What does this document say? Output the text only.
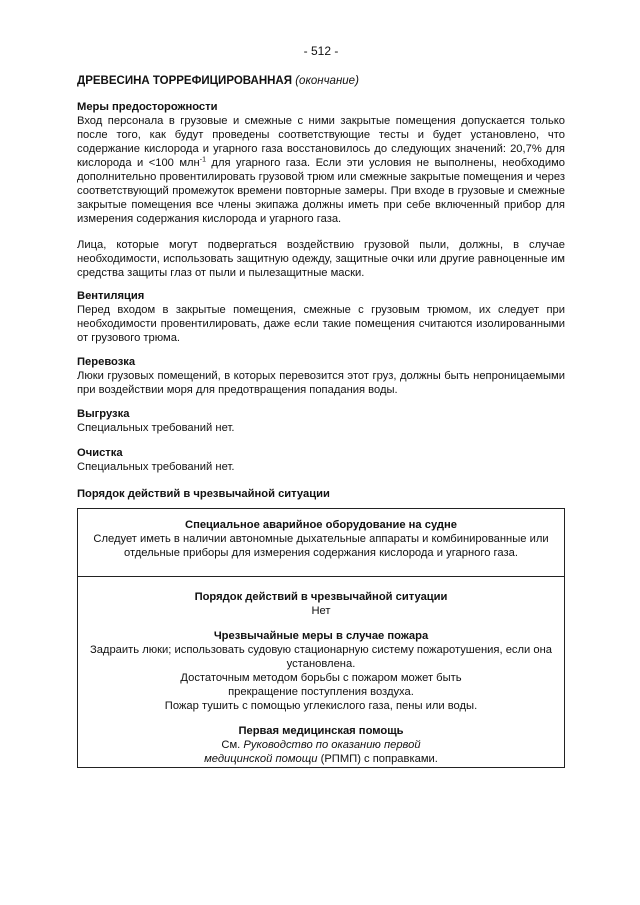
- 512 -
ДРЕВЕСИНА ТОРРЕФИЦИРОВАННАЯ (окончание)

Меры предосторожности

Вход персонала в грузовые и смежные с ними закрытые помещения допускается только после того, как будут проведены соответствующие тесты и будет установлено, что содержание кислорода и угарного газа восстановилось до следующих значений: 20,7% для кислорода и <100 млн$^{-1}$ для угарного газа. Если эти условия не выполнены, необходимо дополнительно провентилировать грузовой трюм или смежные закрытые помещения и через соответствующий промежуток времени повторные замеры. При входе в грузовые и смежные закрытые помещения все члены экипажа должны иметь при себе включенный прибор для измерения содержания кислорода и угарного газа.

Лица, которые могут подвергаться воздействию грузовой пыли, должны, в случае необходимости, использовать защитную одежду, защитные очки или другие равноценные им средства защиты глаз от пыли и пылезащитные маски.

Вентиляция

Перед входом в закрытые помещения, смежные с грузовым трюмом, их следует при необходимости провентилировать, даже если такие помещения считаются изолированными от грузового трюма.

Перевозка

Люки грузовых помещений, в которых перевозится этот груз, должны быть непроницаемыми при воздействии моря для предотвращения попадания воды.

Выгрузка

Специальных требований нет.

Очистка

Специальных требований нет.

Порядок действий в чрезвычайной ситуации

Специальное аварийное оборудование на судне

Следует иметь в наличии автономные дыхательные аппараты и комбинированные или отдельные приборы для измерения содержания кислорода и угарного газа.

Порядок действий в чрезвычайной ситуации

Нет

Чрезвычайные меры в случае пожара

Задраить люки; использовать судовую стационарную систему пожаротушения, если она установлена.

Достаточным методом борьбы с пожаром может быть прекращение поступления воздуха.

Пожар тушить с помощью углекислого газа, пены или воды.

Первая медицинская помощь

См. Руководство по оказанию первой медицинской помощи (РПМП) с поправками.
